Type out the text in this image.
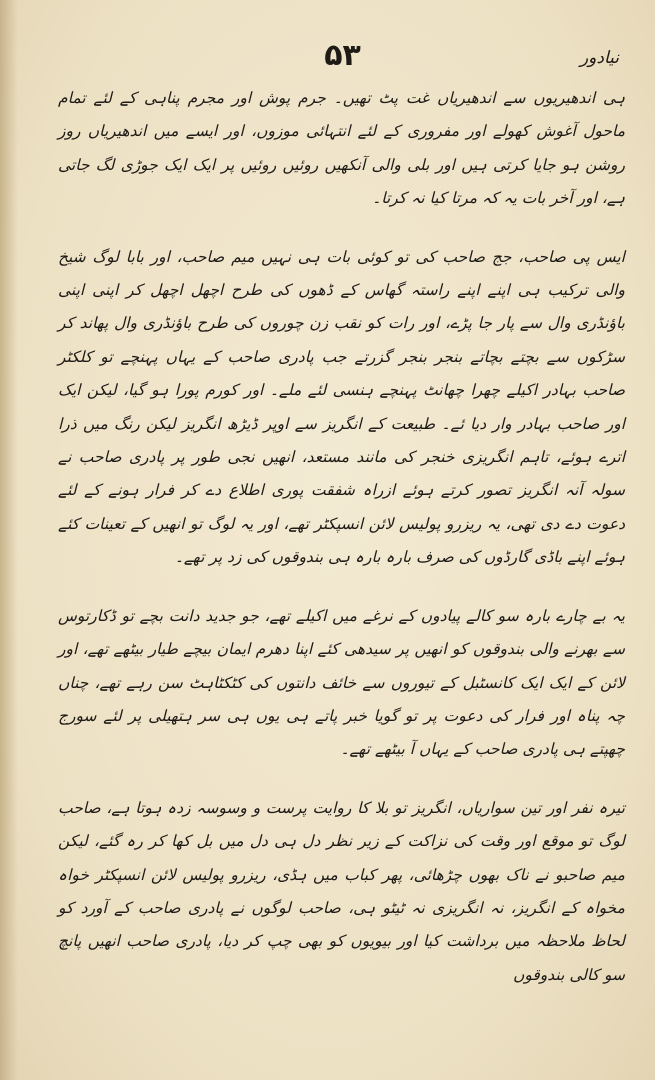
نیادور
۵۳

ہی اندھیریوں سے اندھیریاں غت پٹ تھیں۔ جرم پوش اور مجرم پناہی کے لئے تمام ماحول آغوش کھولے اور مفروری کے لئے انتہائی موزوں، اور ایسے میں اندھیریاں روز روشن ہو جایا کرتی ہیں اور بلی والی آنکھیں روئیں روئیں پر ایک ایک جوڑی لگ جاتی ہے، اور آخر بات یہ کہ مرتا کیا نہ کرتا۔

ایس پی صاحب، جج صاحب کی تو کوئی بات ہی نہیں میم صاحب، اور بابا لوگ شیخ والی ترکیب ہی اپنے اپنے راستہ گھاس کے ڈھوں کی طرح اچھل اچھل کر اپنی اپنی باؤنڈری وال سے پار جا پڑے، اور رات کو نقب زن چوروں کی طرح باؤنڈری وال پھاند کر سڑکوں سے بچتے بچاتے بنجر بنجر گزرتے جب پادری صاحب کے یہاں پہنچے تو کلکٹر صاحب بہادر اکیلے چھرا چھانٹ پہنچے ہنسی لئے ملے۔ اور کورم پورا ہو گیا، لیکن ایک اور صاحب بہادر وار دیا ئے۔ طبیعت کے انگریز سے اوپر ڈیڑھ انگریز لیکن رنگ میں ذرا اترے ہوئے، تاہم انگریزی خنجر کی مانند مستعد، انھیں نجی طور پر پادری صاحب نے سولہ آنہ انگریز تصور کرتے ہوئے ازراہ شفقت پوری اطلاع دے کر فرار ہونے کے لئے دعوت دے دی تھی، یہ ریزرو پولیس لائن انسپکٹر تھے، اور یہ لوگ تو انھیں کے تعینات کئے ہوئے اپنے باڈی گارڈوں کی صرف بارہ بارہ ہی بندوقوں کی زد پر تھے۔

یہ بے چارے بارہ سو کالے پیادوں کے نرغے میں اکیلے تھے، جو جدید دانت بچے تو ڈکارتوس سے بھرنے والی بندوقوں کو انھیں پر سیدھی کئے اپنا دھرم ایمان بیچے طیار بیٹھے تھے، اور لائن کے ایک ایک کانسٹبل کے تیوروں سے خائف دانتوں کی کٹکٹاہٹ سن رہے تھے، چناں چہ پناہ اور فرار کی دعوت پر تو گویا خبر پاتے ہی یوں ہی سر ہتھیلی پر لئے سورج چھپتے ہی پادری صاحب کے یہاں آ بیٹھے تھے۔

تیرہ نفر اور تین سواریاں، انگریز تو بلا کا روایت پرست و وسوسہ زدہ ہوتا ہے، صاحب لوگ تو موقع اور وقت کی نزاکت کے زیر نظر دل ہی دل میں بل کھا کر رہ گئے، لیکن میم صاحبو نے ناک بھوں چڑھائی، پھر کباب میں ہڈی، ریزرو پولیس لائن انسپکٹر خواہ مخواہ کے انگریز، نہ انگریزی نہ ٹیٹو ہی، صاحب لوگوں نے پادری صاحب کے آورد کو لحاظ ملاحظہ میں برداشت کیا اور بیویوں کو بھی چپ کر دیا، پادری صاحب انھیں پانچ سو کالی بندوقوں
